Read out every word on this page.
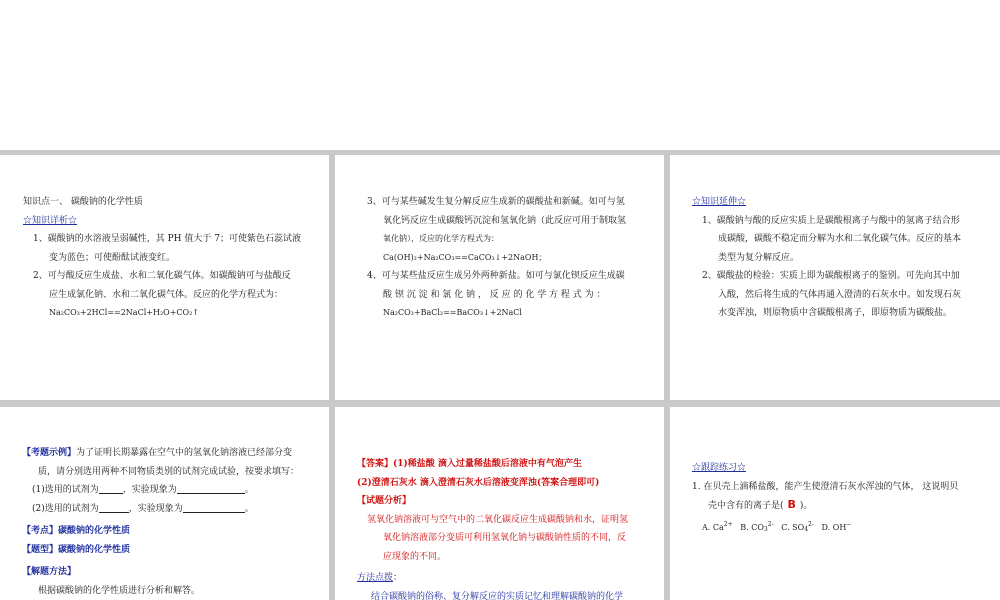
知识点一、 碳酸钠的化学性质

☆知识详析☆

1、碳酸钠的水溶液呈弱碱性，其 PH 值大于 7；可使紫色石蕊试液

变为蓝色；可使酚酞试液变红。

2、可与酸反应生成盐、水和二氧化碳气体。如碳酸钠可与盐酸反

应生成氯化钠、水和二氧化碳气体。反应的化学方程式为：

Na₂CO₃+2HCl==2NaCl+H₂O+CO₂↑

3、可与某些碱发生复分解反应生成新的碳酸盐和新碱。如可与氢

氧化钙反应生成碳酸钙沉淀和氢氧化钠（此反应可用于制取氢

氧化钠），反应的化学方程式为：Ca(OH)₂+Na₂CO₃==CaCO₃↓+2NaOH；

4、可与某些盐反应生成另外两种新盐。如可与氯化钡反应生成碳

酸 钡 沉 淀 和 氯 化 钠 ， 反 应 的 化 学 方 程 式 为 ：

Na₂CO₃+BaCl₂==BaCO₃↓+2NaCl

☆知识延伸☆

1、碳酸钠与酸的反应实质上是碳酸根离子与酸中的氢离子结合形

成碳酸，碳酸不稳定而分解为水和二氧化碳气体。反应的基本

类型为复分解反应。

2、碳酸盐的检验：实质上即为碳酸根离子的鉴别。可先向其中加

入酸，然后将生成的气体再通入澄清的石灰水中。如发现石灰

水变浑浊，则原物质中含碳酸根离子，即原物质为碳酸盐。

【考题示例】为了证明长期暴露在空气中的氢氧化钠溶液已经部分变

质，请分别选用两种不同物质类别的试剂完成试验，按要求填写：

(1)选用的试剂为	，实验现象为	。

(2)选用的试剂为	，实验现象为	。

【考点】碳酸钠的化学性质

【题型】碳酸钠的化学性质

【解题方法】

根据碳酸钠的化学性质进行分析和解答。

【答案】(1)稀盐酸 滴入过量稀盐酸后溶液中有气泡产生

(2)澄清石灰水 滴入澄清石灰水后溶液变浑浊(答案合理即可)

【试题分析】

氢氧化钠溶液可与空气中的二氧化碳反应生成碳酸钠和水，证明氢

氧化钠溶液部分变质可利用氢氧化钠与碳酸钠性质的不同，反

应现象的不同。

方法点拨：

结合碳酸钠的俗称、复分解反应的实质记忆和理解碳酸钠的化学

☆跟踪练习☆

1. 在贝壳上滴稀盐酸，能产生使澄清石灰水浑浊的气体， 这说明贝

壳中含有的离子是( B )。

A. $Ca^{2+}$ B. $CO3^{2-}$ C. $SO4^{2-}$ D. OH−
